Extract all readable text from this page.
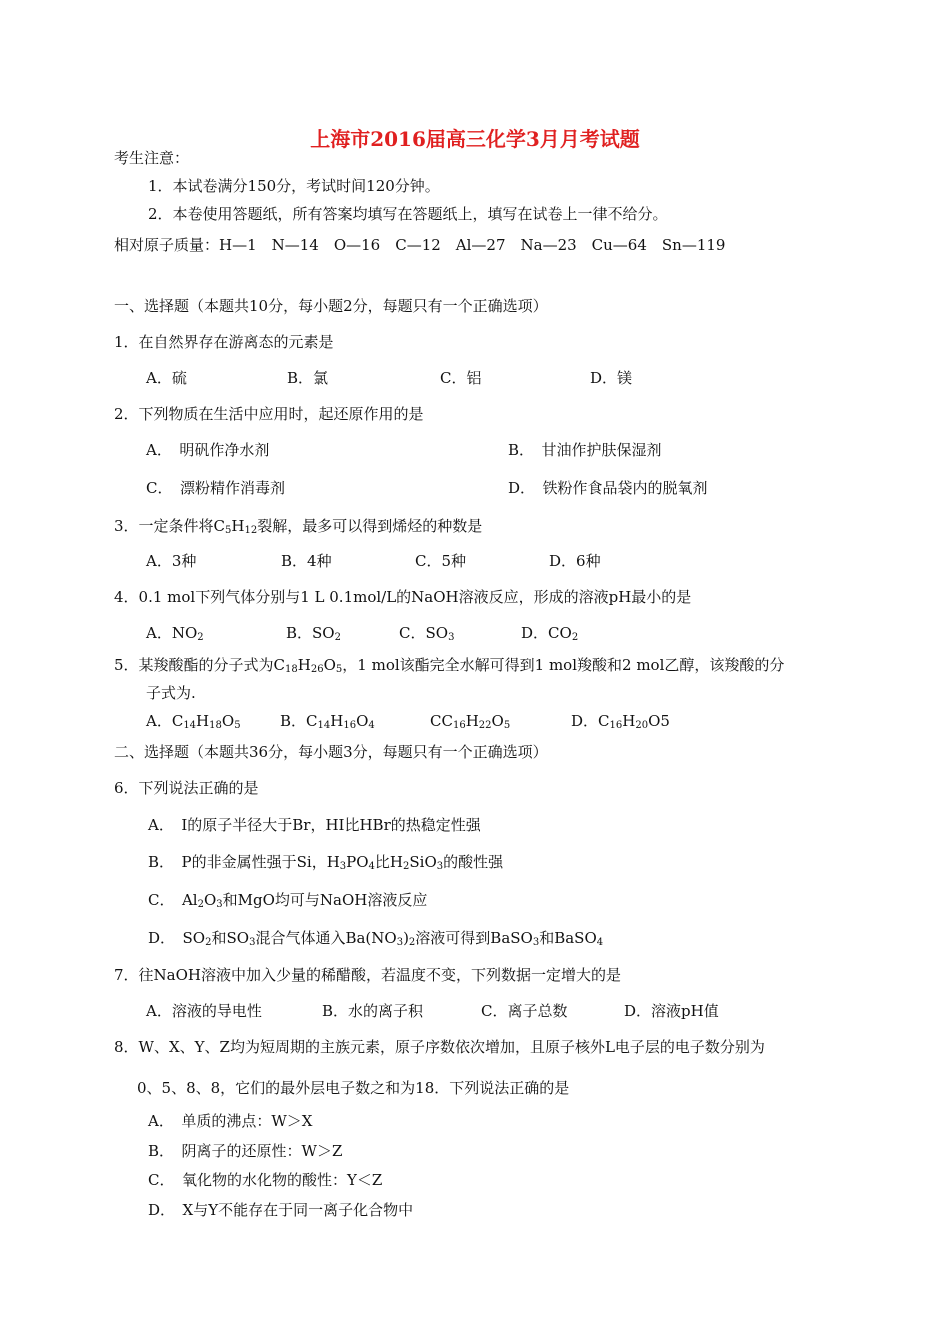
上海市2016届高三化学3月月考试题
考生注意：
1．本试卷满分150分，考试时间120分钟。
2．本卷使用答题纸，所有答案均填写在答题纸上，填写在试卷上一律不给分。
相对原子质量：H—1　N—14　O—16　C—12　Al—27　Na—23　Cu—64　Sn—119
一、选择题（本题共10分，每小题2分，每题只有一个正确选项）
1．在自然界存在游离态的元素是
A．硫	B．氯	C．铝	D．镁
2．下列物质在生活中应用时，起还原作用的是
A．　明矾作净水剂	B．　甘油作护肤保湿剂
C．　漂粉精作消毒剂	D．　铁粉作食品袋内的脱氧剂
3．一定条件将$C_5H_{12}$裂解，最多可以得到烯烃的种数是
A．3种	B．4种	C．5种	D．6种
4．0.1 mol下列气体分别与1 L 0.1mol/L的NaOH溶液反应，形成的溶液pH最小的是
A．$NO_2$	B．$SO_2$	C．$SO_3$	D．$CO_2$
5．某羧酸酯的分子式为$C_{18}H_{26}O_5$，1 mol该酯完全水解可得到1 mol羧酸和2 mol乙醇，该羧酸的分
子式为.
A．$C_{14}H_{18}O_5$	B．$C_{14}H_{16}O_4$	$CC_{16}H_{22}O_5$	D．$C_{16}H_{20}O5$
二、选择题（本题共36分，每小题3分，每题只有一个正确选项）
6．下列说法正确的是
A．　I的原子半径大于Br，HI比HBr的热稳定性强
B．　P的非金属性强于Si，$H_3PO_4$比$H_2SiO_3$的酸性强
C．　$Al_2O_3$和MgO均可与NaOH溶液反应
D．　$SO_2$和$SO_3$混合气体通入$Ba(NO_3)_2$溶液可得到BaSO$_3$和BaSO$_4$
7．往NaOH溶液中加入少量的稀醋酸，若温度不变，下列数据一定增大的是
A．溶液的导电性	B．水的离子积	C．离子总数	D．溶液pH值
8．W、X、Y、Z均为短周期的主族元素，原子序数依次增加，且原子核外L电子层的电子数分别为
0、5、8、8，它们的最外层电子数之和为18．下列说法正确的是
A．　单质的沸点：W＞X
B．　阴离子的还原性：W＞Z
C．　氧化物的水化物的酸性：Y＜Z
D．　X与Y不能存在于同一离子化合物中
